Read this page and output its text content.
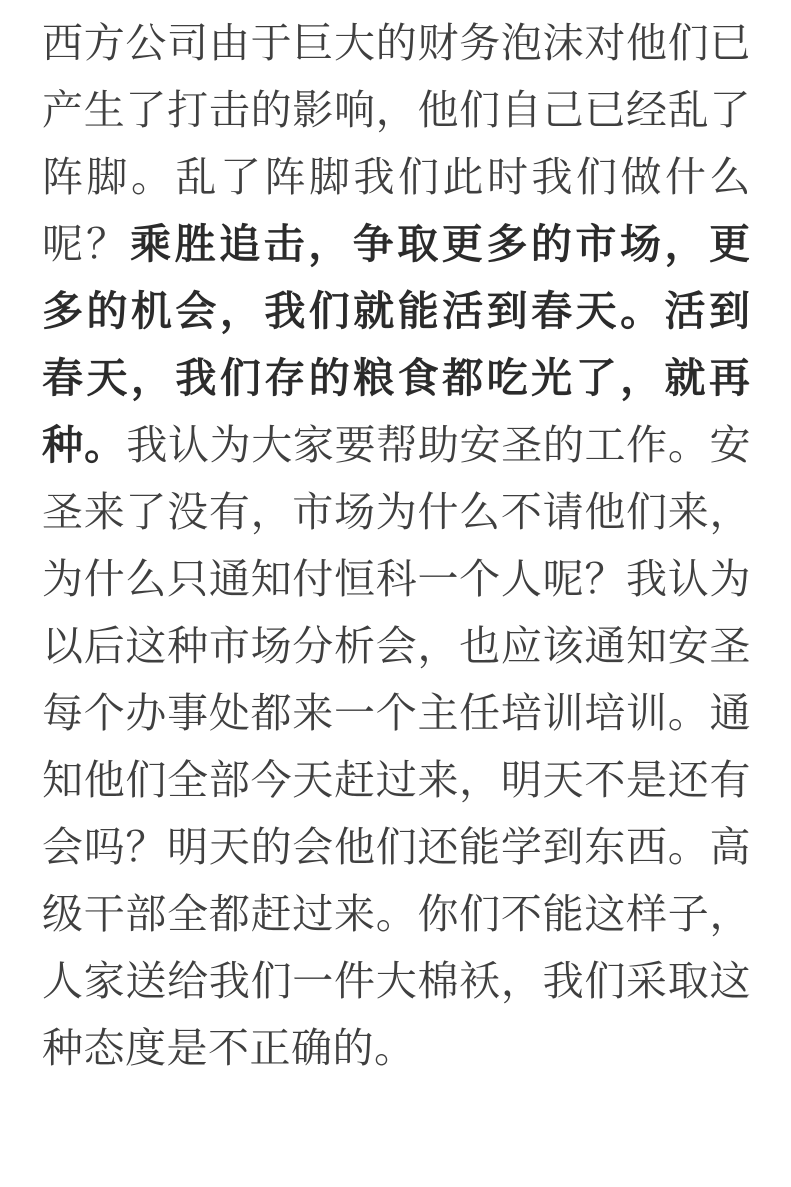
西方公司由于巨大的财务泡沫对他们已产生了打击的影响，他们自己已经乱了阵脚。乱了阵脚我们此时我们做什么呢？乘胜追击，争取更多的市场，更多的机会，我们就能活到春天。活到春天，我们存的粮食都吃光了，就再种。我认为大家要帮助安圣的工作。安圣来了没有，市场为什么不请他们来，为什么只通知付恒科一个人呢？我认为以后这种市场分析会，也应该通知安圣每个办事处都来一个主任培训培训。通知他们全部今天赶过来，明天不是还有会吗？明天的会他们还能学到东西。高级干部全都赶过来。你们不能这样子，人家送给我们一件大棉袄，我们采取这种态度是不正确的。
